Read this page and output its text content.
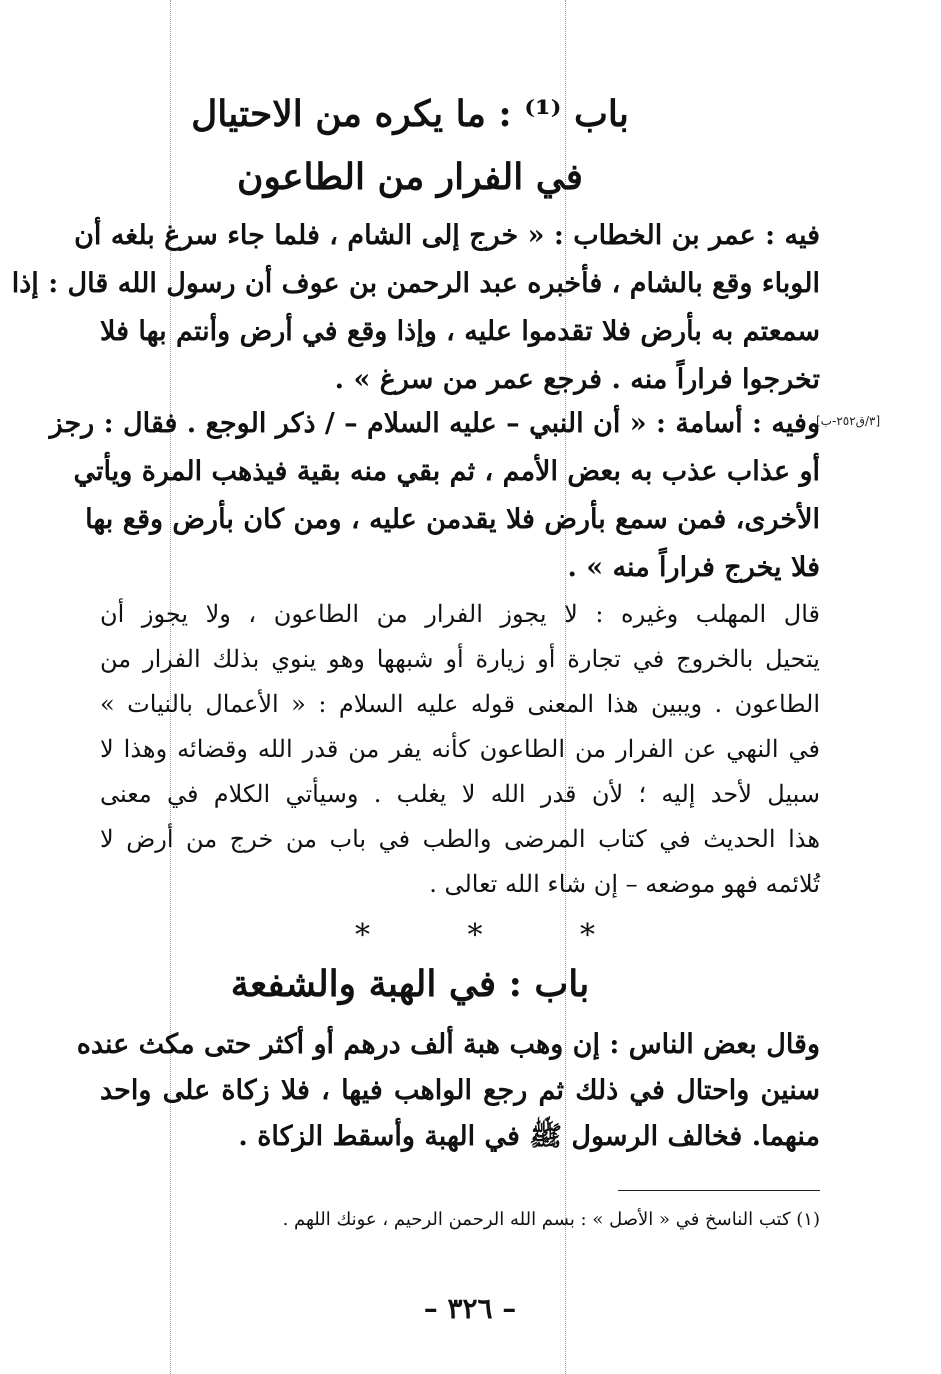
باب ⁽¹⁾ : ما يكره من الاحتيال
في الفرار من الطاعون
فيه : عمر بن الخطاب : « خرج إلى الشام ، فلما جاء سرغ بلغه أن
الوباء وقع بالشام ، فأخبره عبد الرحمن بن عوف أن رسول الله قال : إذا
سمعتم به بأرض فلا تقدموا عليه ، وإذا وقع في أرض وأنتم بها فلا
تخرجوا فراراً منه . فرجع عمر من سرغ » .
[٣/ق٢٥٢-ب]
وفيه : أسامة : « أن النبي – عليه السلام – / ذكر الوجع . فقال : رجز
أو عذاب عذب به بعض الأمم ، ثم بقي منه بقية فيذهب المرة ويأتي
الأخرى، فمن سمع بأرض فلا يقدمن عليه ، ومن كان بأرض وقع بها
فلا يخرج فراراً منه » .
قال المهلب وغيره : لا يجوز الفرار من الطاعون ، ولا يجوز أن
يتحيل بالخروج في تجارة أو زيارة أو شبهها وهو ينوي بذلك الفرار من
الطاعون . ويبين هذا المعنى قوله عليه السلام : « الأعمال بالنيات »
في النهي عن الفرار من الطاعون كأنه يفر من قدر الله وقضائه وهذا لا
سبيل لأحد إليه ؛ لأن قدر الله لا يغلب . وسيأتي الكلام في معنى
هذا الحديث في كتاب المرضى والطب في باب من خرج من أرض لا
تُلائمه فهو موضعه – إن شاء الله تعالى .
*	*	*
باب : في الهبة والشفعة
وقال بعض الناس : إن وهب هبة ألف درهم أو أكثر حتى مكث عنده
سنين واحتال في ذلك ثم رجع الواهب فيها ، فلا زكاة على واحد
منهما. فخالف الرسول ﷺ في الهبة وأسقط الزكاة .
(١) كتب الناسخ في « الأصل » : بسم الله الرحمن الرحيم ، عونك اللهم .
– ٣٢٦ –
